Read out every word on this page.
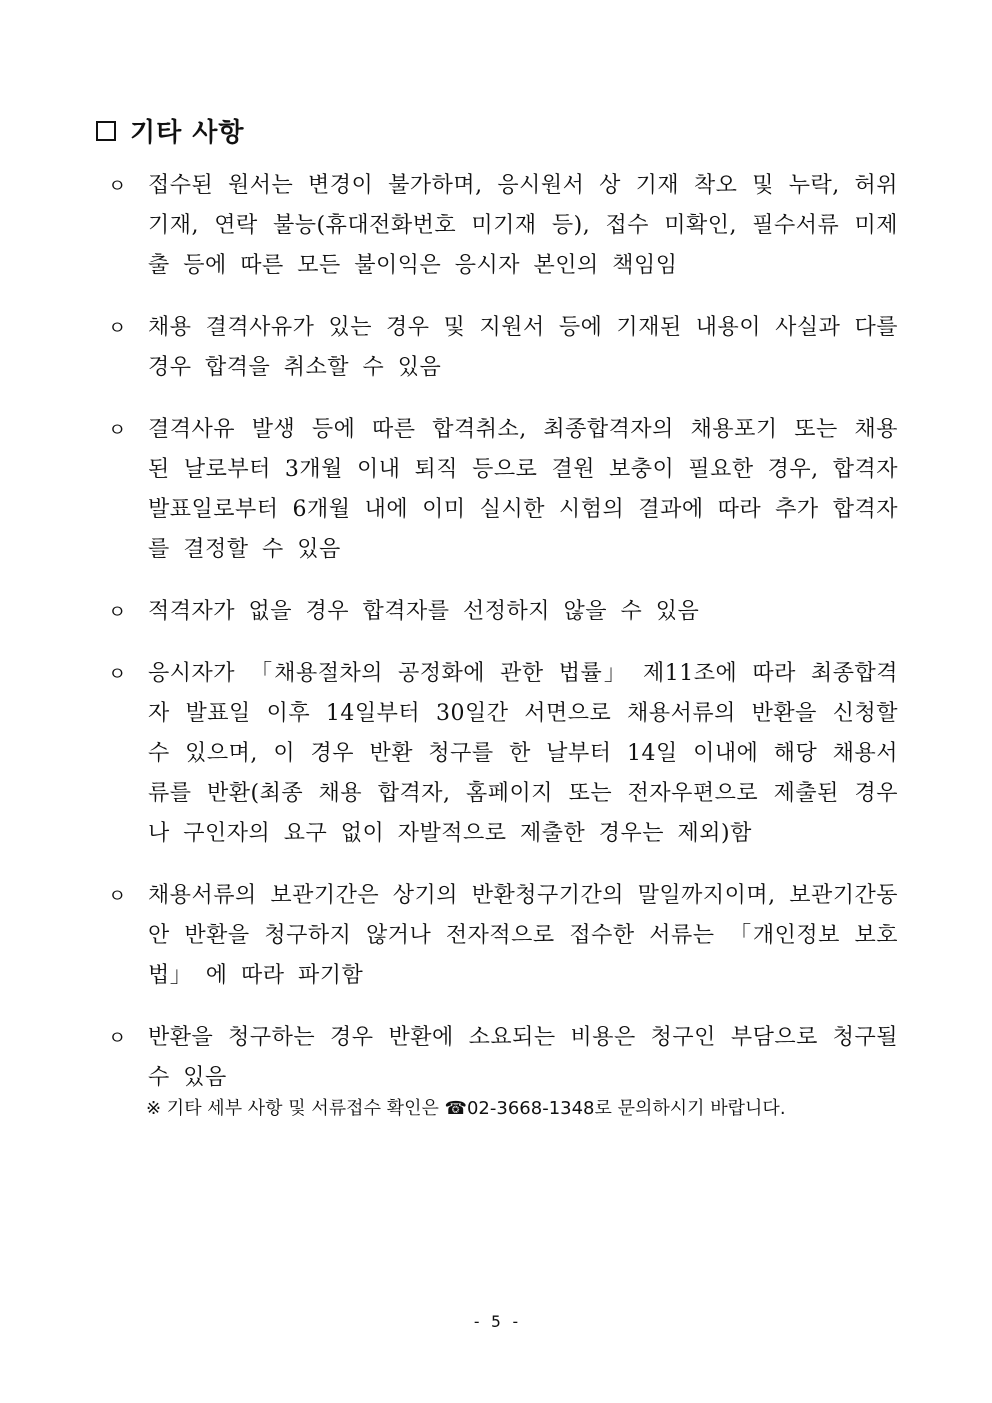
기타 사항
ㅇ 접수된 원서는 변경이 불가하며, 응시원서 상 기재 착오 및 누락, 허위 기재, 연락 불능(휴대전화번호 미기재 등), 접수 미확인, 필수서류 미제출 등에 따른 모든 불이익은 응시자 본인의 책임임
ㅇ 채용 결격사유가 있는 경우 및 지원서 등에 기재된 내용이 사실과 다를 경우 합격을 취소할 수 있음
ㅇ 결격사유 발생 등에 따른 합격취소, 최종합격자의 채용포기 또는 채용 된 날로부터 3개월 이내 퇴직 등으로 결원 보충이 필요한 경우, 합격자 발표일로부터 6개월 내에 이미 실시한 시험의 결과에 따라 추가 합격자를 결정할 수 있음
ㅇ 적격자가 없을 경우 합격자를 선정하지 않을 수 있음
ㅇ 응시자가 「채용절차의 공정화에 관한 법률」 제11조에 따라 최종합격자 발표일 이후 14일부터 30일간 서면으로 채용서류의 반환을 신청할 수 있으며, 이 경우 반환 청구를 한 날부터 14일 이내에 해당 채용서류를 반환(최종 채용 합격자, 홈페이지 또는 전자우편으로 제출된 경우나 구인자의 요구 없이 자발적으로 제출한 경우는 제외)함
ㅇ 채용서류의 보관기간은 상기의 반환청구기간의 말일까지이며, 보관기간동안 반환을 청구하지 않거나 전자적으로 접수한 서류는 「개인정보 보호법」 에 따라 파기함
ㅇ 반환을 청구하는 경우 반환에 소요되는 비용은 청구인 부담으로 청구될 수 있음
※ 기타 세부 사항 및 서류접수 확인은 ☎02-3668-1348로 문의하시기 바랍니다.
- 5 -
